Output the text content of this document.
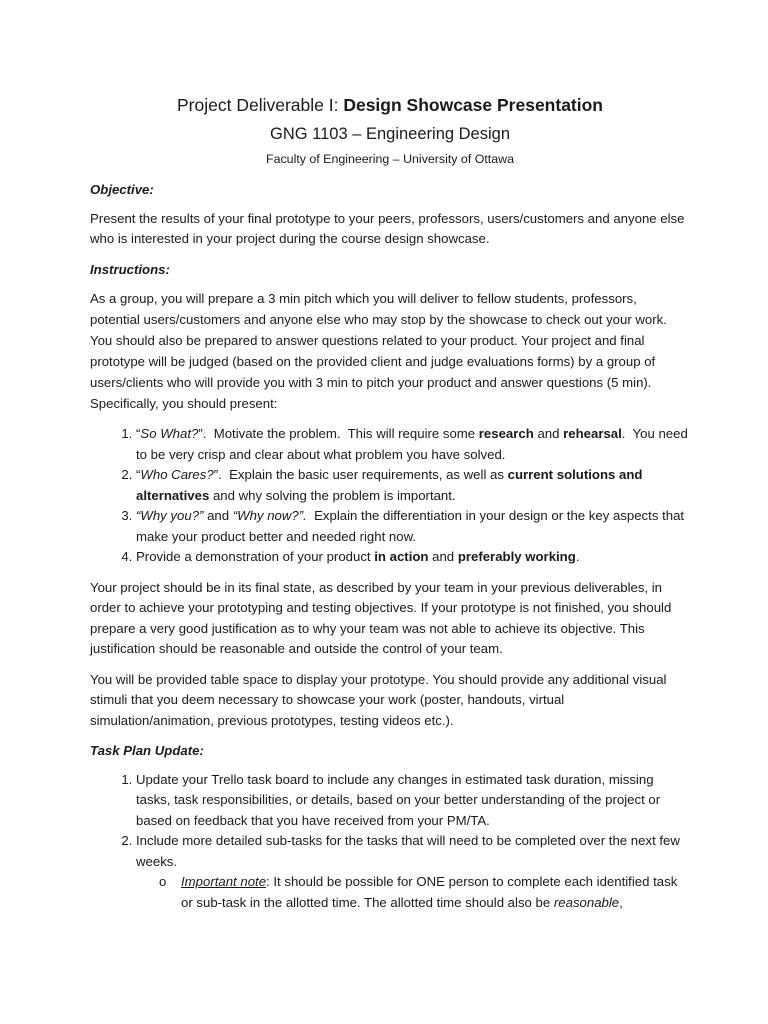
Project Deliverable I: Design Showcase Presentation
GNG 1103 – Engineering Design
Faculty of Engineering – University of Ottawa
Objective:

Present the results of your final prototype to your peers, professors, users/customers and anyone else who is interested in your project during the course design showcase.

Instructions:

As a group, you will prepare a 3 min pitch which you will deliver to fellow students, professors, potential users/customers and anyone else who may stop by the showcase to check out your work. You should also be prepared to answer questions related to your product. Your project and final prototype will be judged (based on the provided client and judge evaluations forms) by a group of users/clients who will provide you with 3 min to pitch your product and answer questions (5 min). Specifically, you should present:

1. “So What?”.  Motivate the problem.  This will require some research and rehearsal.  You need to be very crisp and clear about what problem you have solved.
2. “Who Cares?”.  Explain the basic user requirements, as well as current solutions and alternatives and why solving the problem is important.
3. “Why you?” and “Why now?”.  Explain the differentiation in your design or the key aspects that make your product better and needed right now.
4. Provide a demonstration of your product in action and preferably working.

Your project should be in its final state, as described by your team in your previous deliverables, in order to achieve your prototyping and testing objectives. If your prototype is not finished, you should prepare a very good justification as to why your team was not able to achieve its objective. This justification should be reasonable and outside the control of your team.

You will be provided table space to display your prototype. You should provide any additional visual stimuli that you deem necessary to showcase your work (poster, handouts, virtual simulation/animation, previous prototypes, testing videos etc.).

Task Plan Update:
1. Update your Trello task board to include any changes in estimated task duration, missing tasks, task responsibilities, or details, based on your better understanding of the project or based on feedback that you have received from your PM/TA.
2. Include more detailed sub-tasks for the tasks that will need to be completed over the next few weeks.
o Important note: It should be possible for ONE person to complete each identified task or sub-task in the allotted time. The allotted time should also be reasonable,
